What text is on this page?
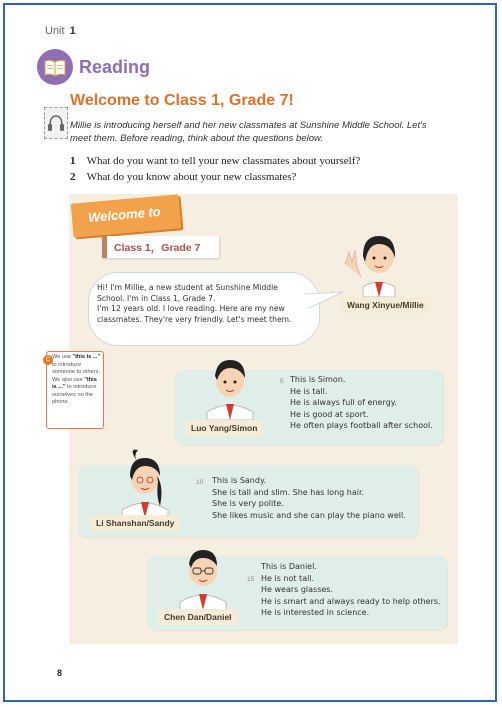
Unit 1
Reading
Welcome to Class 1, Grade 7!
Millie is introducing herself and her new classmates at Sunshine Middle School. Let's meet them. Before reading, think about the questions below.
1 What do you want to tell your new classmates about yourself?
2 What do you know about your new classmates?
Welcome to
Class 1，Grade 7
Hi! I'm Millie, a new student at Sunshine Middle
School. I'm in Class 1, Grade 7.
I'm 12 years old. I love reading. Here are my new
classmates. They're very friendly. Let's meet them.
Wang Xinyue/Millie
C We use "this is ..." to introduce someone to others. We also use "this is ..." to introduce ourselves on the phone.
Luo Yang/Simon
5 This is Simon.
He is tall.
He is always full of energy.
He is good at sport.
He often plays football after school.
Li Shanshan/Sandy
10 This is Sandy.
She is tall and slim. She has long hair.
She is very polite.
She likes music and she can play the piano well.
Chen Dan/Daniel
15
This is Daniel.
He is not tall.
He wears glasses.
He is smart and always ready to help others.
He is interested in science.
8
